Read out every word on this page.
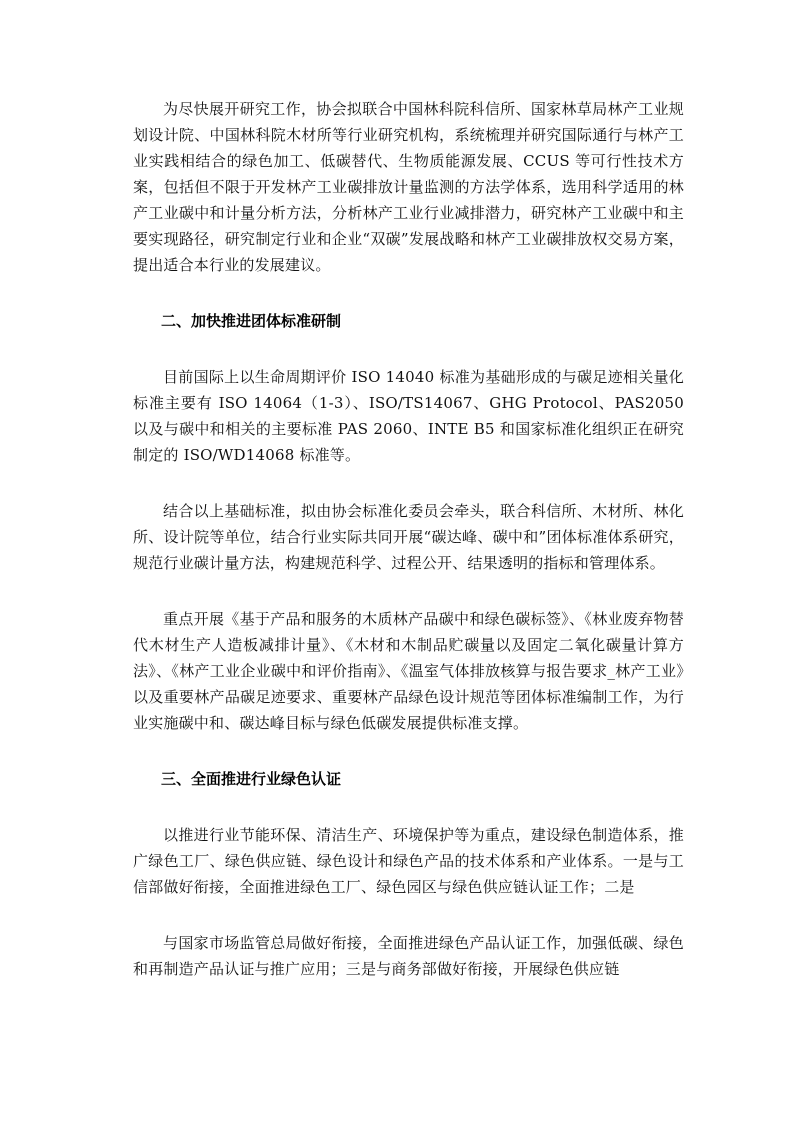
为尽快展开研究工作，协会拟联合中国林科院科信所、国家林草局林产工业规划设计院、中国林科院木材所等行业研究机构，系统梳理并研究国际通行与林产工业实践相结合的绿色加工、低碳替代、生物质能源发展、CCUS 等可行性技术方案，包括但不限于开发林产工业碳排放计量监测的方法学体系，选用科学适用的林产工业碳中和计量分析方法，分析林产工业行业减排潜力，研究林产工业碳中和主要实现路径，研究制定行业和企业“双碳”发展战略和林产工业碳排放权交易方案，提出适合本行业的发展建议。

二、加快推进团体标准研制

目前国际上以生命周期评价 ISO 14040 标准为基础形成的与碳足迹相关量化标准主要有 ISO 14064（1-3）、ISO/TS14067、GHG Protocol、PAS2050 以及与碳中和相关的主要标准 PAS 2060、INTE B5 和国家标准化组织正在研究制定的 ISO/WD14068 标准等。

结合以上基础标准，拟由协会标准化委员会牵头，联合科信所、木材所、林化所、设计院等单位，结合行业实际共同开展“碳达峰、碳中和”团体标准体系研究，规范行业碳计量方法，构建规范科学、过程公开、结果透明的指标和管理体系。

重点开展《基于产品和服务的木质林产品碳中和绿色碳标签》、《林业废弃物替代木材生产人造板减排计量》、《木材和木制品贮碳量以及固定二氧化碳量计算方法》、《林产工业企业碳中和评价指南》、《温室气体排放核算与报告要求_林产工业》以及重要林产品碳足迹要求、重要林产品绿色设计规范等团体标准编制工作，为行业实施碳中和、碳达峰目标与绿色低碳发展提供标准支撑。

三、全面推进行业绿色认证

以推进行业节能环保、清洁生产、环境保护等为重点，建设绿色制造体系，推广绿色工厂、绿色供应链、绿色设计和绿色产品的技术体系和产业体系。一是与工信部做好衔接，全面推进绿色工厂、绿色园区与绿色供应链认证工作；二是

与国家市场监管总局做好衔接，全面推进绿色产品认证工作，加强低碳、绿色和再制造产品认证与推广应用；三是与商务部做好衔接，开展绿色供应链
